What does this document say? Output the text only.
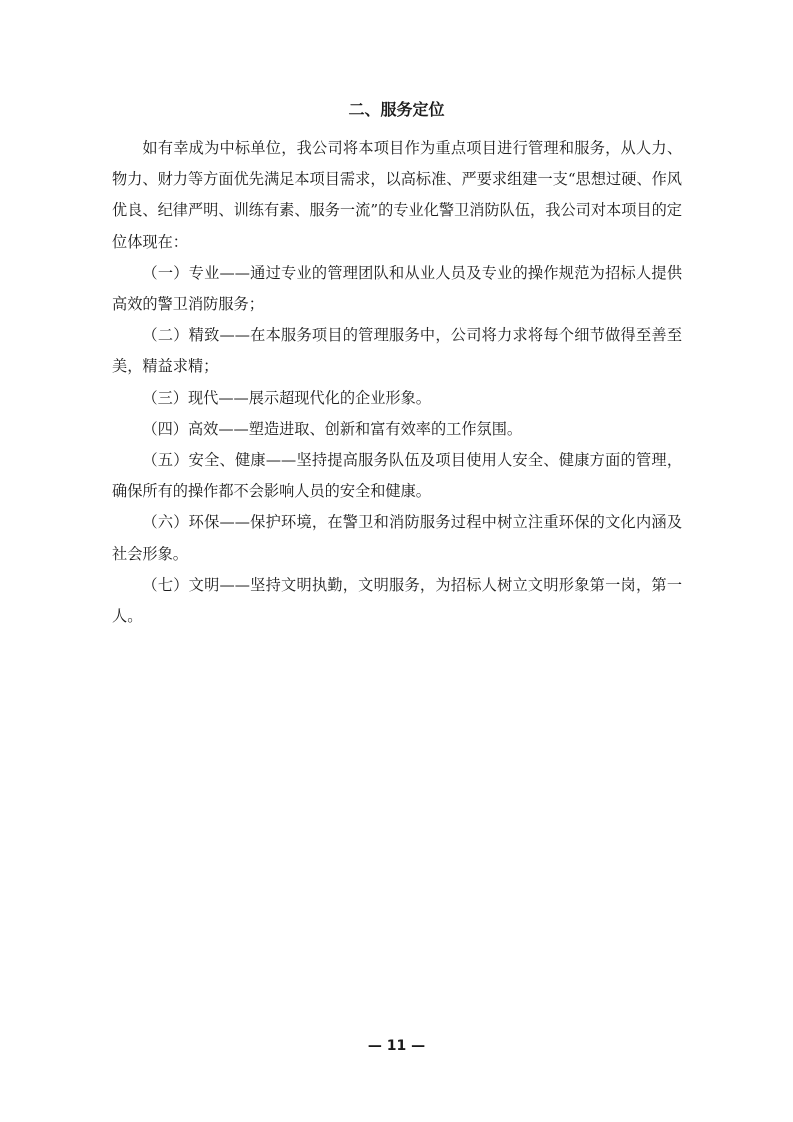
二、服务定位

如有幸成为中标单位，我公司将本项目作为重点项目进行管理和服务，从人力、物力、财力等方面优先满足本项目需求，以高标准、严要求组建一支“思想过硬、作风优良、纪律严明、训练有素、服务一流”的专业化警卫消防队伍，我公司对本项目的定位体现在：

（一）专业——通过专业的管理团队和从业人员及专业的操作规范为招标人提供高效的警卫消防服务；

（二）精致——在本服务项目的管理服务中，公司将力求将每个细节做得至善至美，精益求精；

（三）现代——展示超现代化的企业形象。

（四）高效——塑造进取、创新和富有效率的工作氛围。

（五）安全、健康——坚持提高服务队伍及项目使用人安全、健康方面的管理，确保所有的操作都不会影响人员的安全和健康。

（六）环保——保护环境，在警卫和消防服务过程中树立注重环保的文化内涵及社会形象。

（七）文明——坚持文明执勤，文明服务，为招标人树立文明形象第一岗，第一人。

— 11 —
